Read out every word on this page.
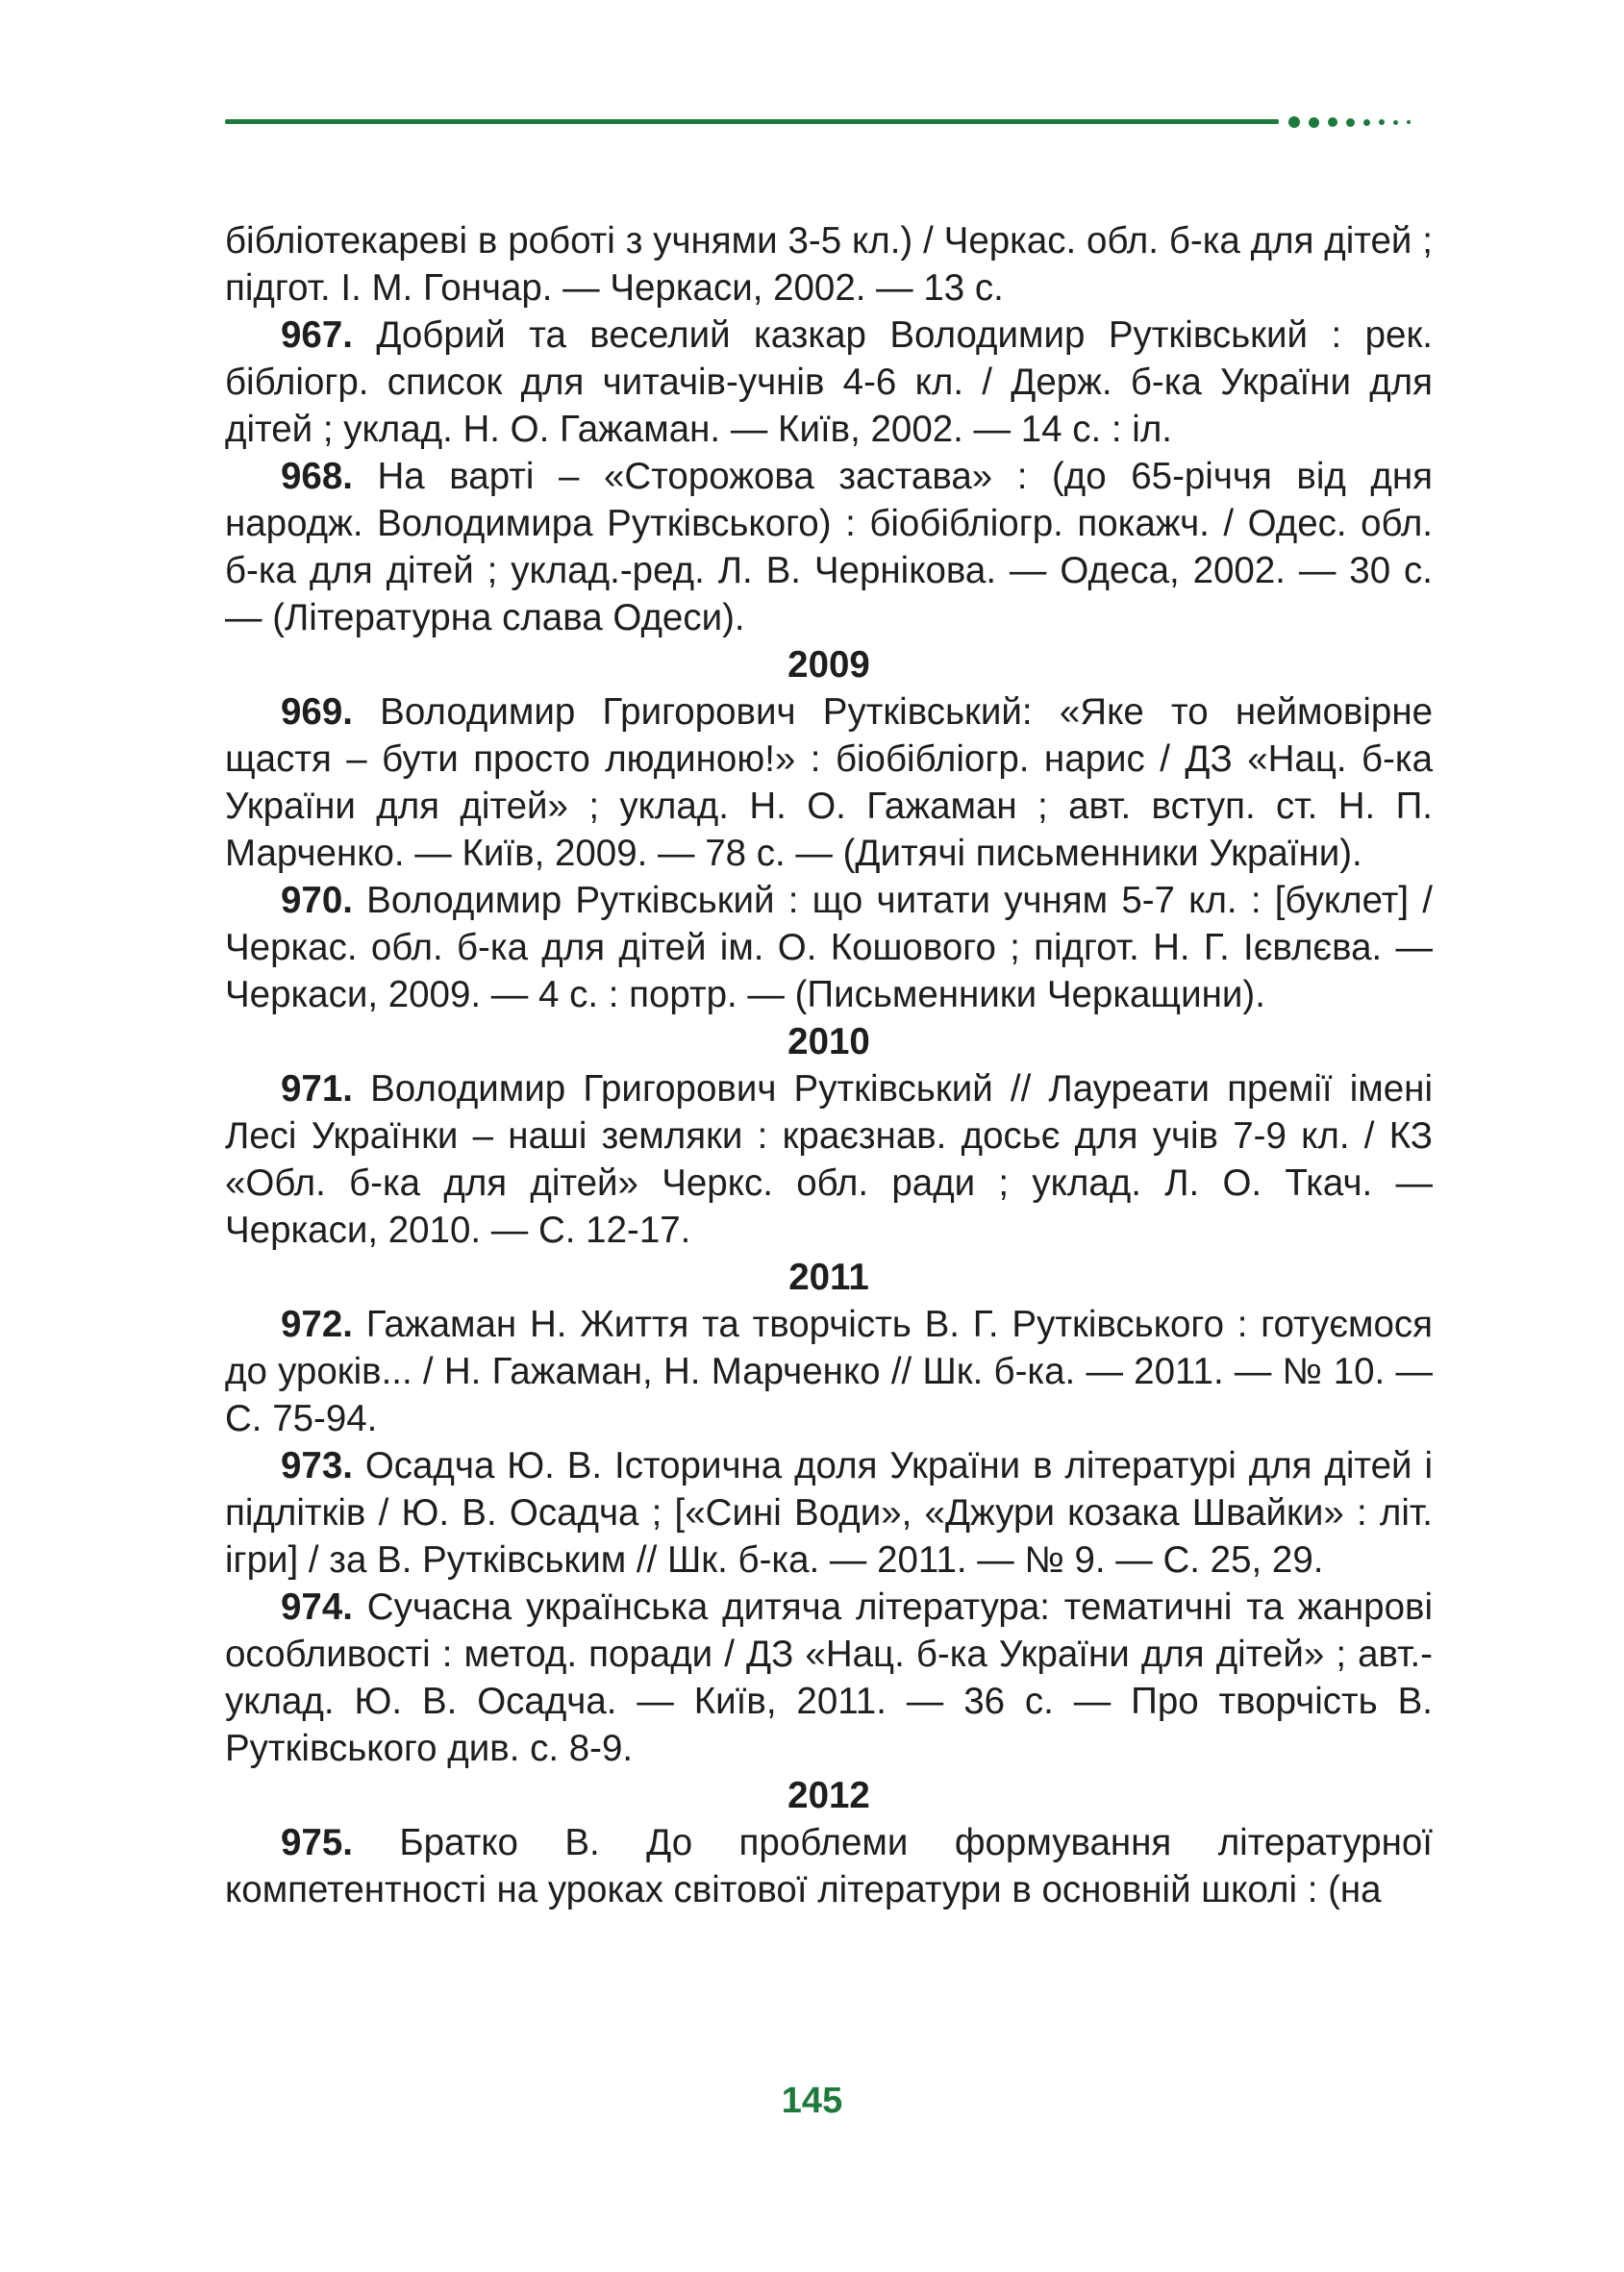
бібліотекареві в роботі з учнями 3-5 кл.) / Черкас. обл. б-ка для дітей ; підгот. І. М. Гончар. — Черкаси, 2002. — 13 с.

967. Добрий та веселий казкар Володимир Рутківський : рек. бібліогр. список для читачів-учнів 4-6 кл. / Держ. б-ка України для дітей ; уклад. Н. О. Гажаман. — Київ, 2002. — 14 с. : іл.

968. На варті – «Сторожова застава» : (до 65-річчя від дня народж. Володимира Рутківського) : біобібліогр. покажч. / Одес. обл. б-ка для дітей ; уклад.-ред. Л. В. Чернікова. — Одеса, 2002. — 30 с. — (Літературна слава Одеси).

2009

969. Володимир Григорович Рутківський: «Яке то неймовірне щастя – бути просто людиною!» : біобібліогр. нарис / ДЗ «Нац. б-ка України для дітей» ; уклад. Н. О. Гажаман ; авт. вступ. ст. Н. П. Марченко. — Київ, 2009. — 78 с. — (Дитячі письменники України).

970. Володимир Рутківський : що читати учням 5-7 кл. : [буклет] / Черкас. обл. б-ка для дітей ім. О. Кошового ; підгот. Н. Г. Ієвлєва. — Черкаси, 2009. — 4 с. : портр. — (Письменники Черкащини).

2010

971. Володимир Григорович Рутківський // Лауреати премії імені Лесі Українки – наші земляки : краєзнав. досьє для учів 7-9 кл. / КЗ «Обл. б-ка для дітей» Черкс. обл. ради ; уклад. Л. О. Ткач. — Черкаси, 2010. — С. 12-17.

2011

972. Гажаман Н. Життя та творчість В. Г. Рутківського : готуємося до уроків... / Н. Гажаман, Н. Марченко // Шк. б-ка. — 2011. — № 10. — С. 75-94.

973. Осадча Ю. В. Історична доля України в літературі для дітей і підлітків / Ю. В. Осадча ; [«Сині Води», «Джури козака Швайки» : літ. ігри] / за В. Рутківським // Шк. б-ка. — 2011. — № 9. — С. 25, 29.

974. Сучасна українська дитяча література: тематичні та жанрові особливості : метод. поради / ДЗ «Нац. б-ка України для дітей» ; авт.-уклад. Ю. В. Осадча. — Київ, 2011. — 36 с. — Про творчість В. Рутківського див. с. 8-9.

2012

975. Братко В. До проблеми формування літературної компетентності на уроках світової літератури в основній школі : (на

145
